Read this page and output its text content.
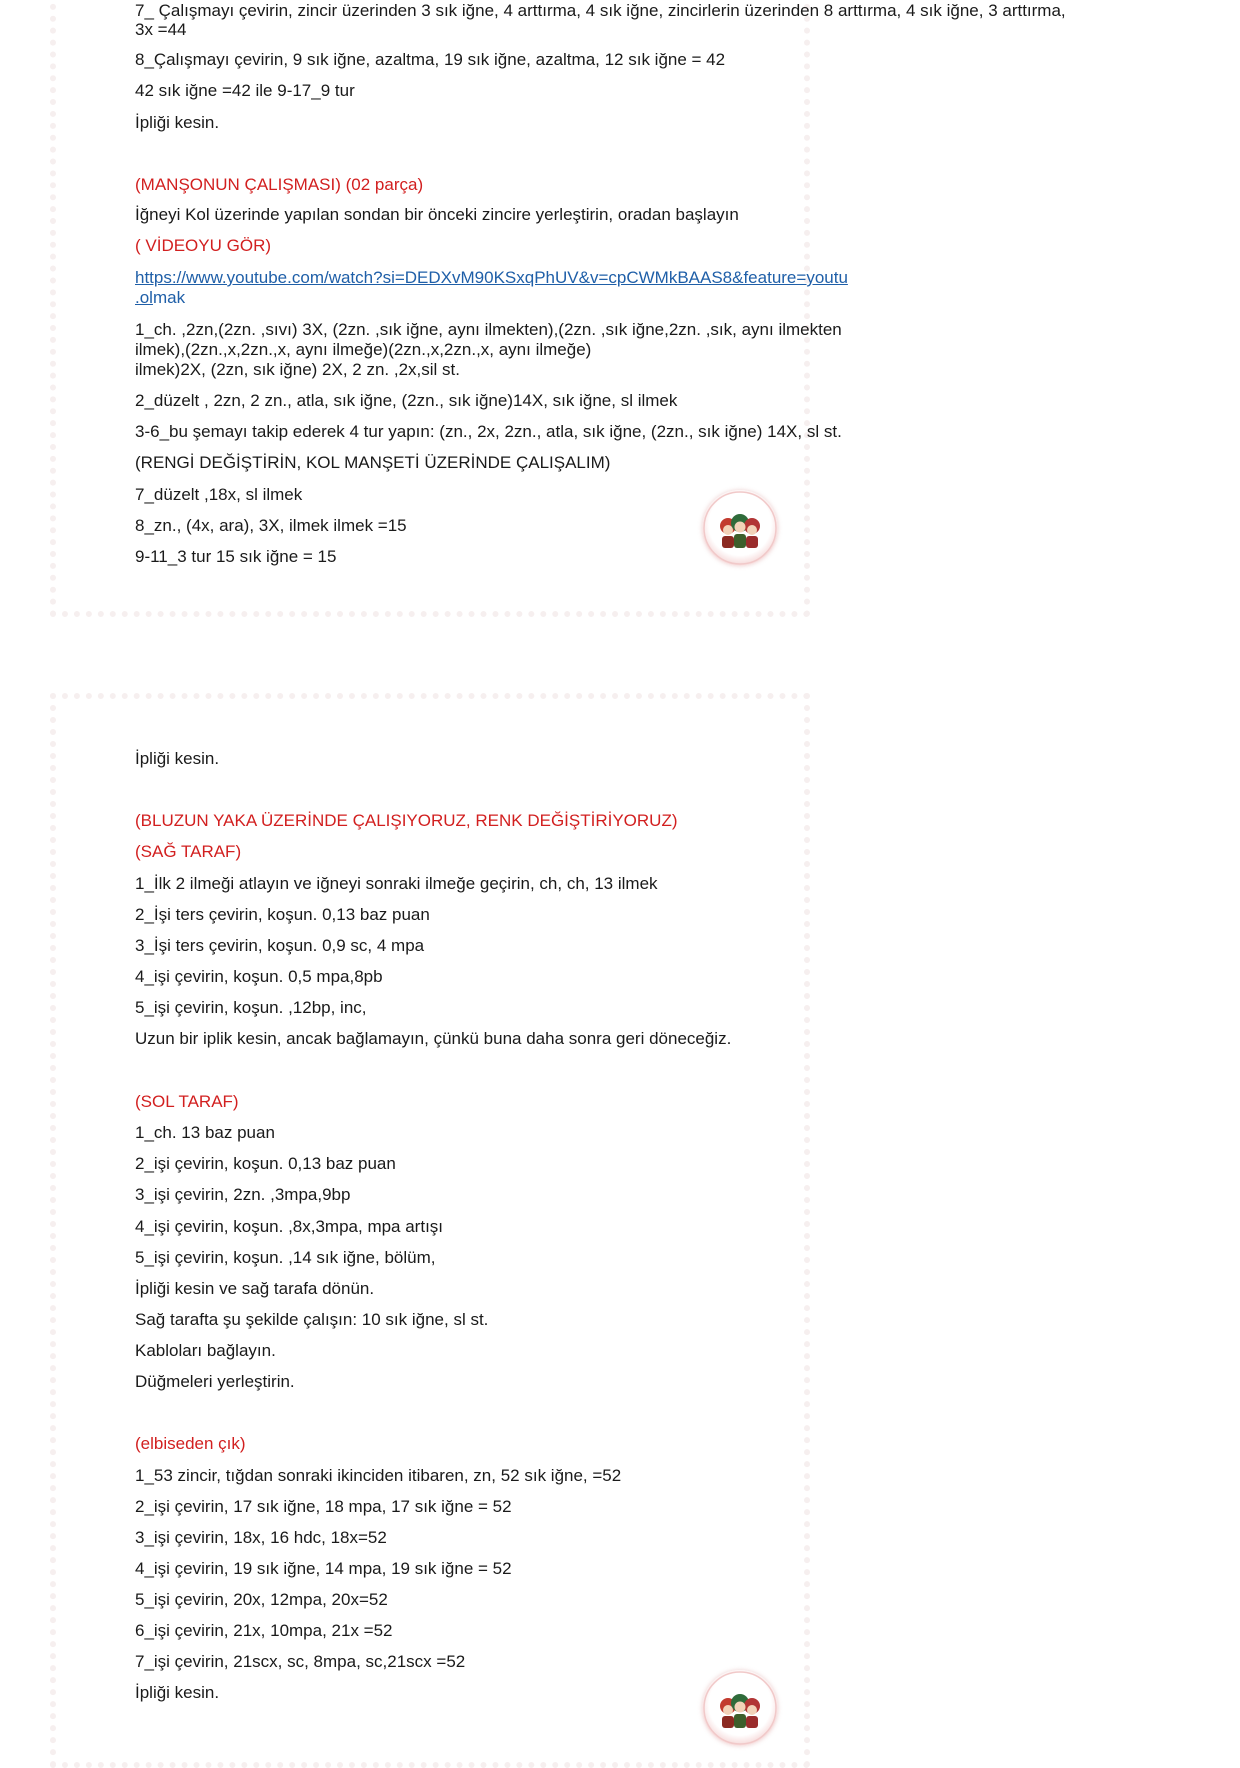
7_ Çalışmayı çevirin, zincir üzerinden 3 sık iğne, 4 arttırma, 4 sık iğne, zincirlerin üzerinden 8 arttırma, 4 sık iğne, 3 arttırma,
3x =44
8_Çalışmayı çevirin, 9 sık iğne, azaltma, 19 sık iğne, azaltma, 12 sık iğne = 42
42 sık iğne =42 ile 9-17_9 tur
İpliği kesin.
(MANŞONUN ÇALIŞMASI) (02 parça)
İğneyi Kol üzerinde yapılan sondan bir önceki zincire yerleştirin, oradan başlayın
( VİDEOYU GÖR)
https://www.youtube.com/watch?si=DEDXvM90KSxqPhUV&v=cpCWMkBAAS8&feature=youtu
.olmak
1_ch. ,2zn,(2zn. ,sıvı) 3X, (2zn. ,sık iğne, aynı ilmekten),(2zn. ,sık iğne,2zn. ,sık, aynı ilmekten
ilmek),(2zn.,x,2zn.,x, aynı ilmeğe)(2zn.,x,2zn.,x, aynı ilmeğe)
ilmek)2X, (2zn, sık iğne) 2X, 2 zn. ,2x,sil st.
2_düzelt , 2zn, 2 zn., atla, sık iğne, (2zn., sık iğne)14X, sık iğne, sl ilmek
3-6_bu şemayı takip ederek 4 tur yapın: (zn., 2x, 2zn., atla, sık iğne, (2zn., sık iğne) 14X, sl st.
(RENGİ DEĞİŞTİRİN, KOL MANŞETİ ÜZERİNDE ÇALIŞALIM)
7_düzelt ,18x, sl ilmek
8_zn., (4x, ara), 3X, ilmek ilmek =15
9-11_3 tur 15 sık iğne = 15
İpliği kesin.
(BLUZUN YAKA ÜZERİNDE ÇALIŞIYORUZ, RENK DEĞİŞTİRİYORUZ)
(SAĞ TARAF)
1_İlk 2 ilmeği atlayın ve iğneyi sonraki ilmeğe geçirin, ch, ch, 13 ilmek
2_İşi ters çevirin, koşun. 0,13 baz puan
3_İşi ters çevirin, koşun. 0,9 sc, 4 mpa
4_işi çevirin, koşun. 0,5 mpa,8pb
5_işi çevirin, koşun. ,12bp, inc,
Uzun bir iplik kesin, ancak bağlamayın, çünkü buna daha sonra geri döneceğiz.
(SOL TARAF)
1_ch. 13 baz puan
2_işi çevirin, koşun. 0,13 baz puan
3_işi çevirin, 2zn. ,3mpa,9bp
4_işi çevirin, koşun. ,8x,3mpa, mpa artışı
5_işi çevirin, koşun. ,14 sık iğne, bölüm,
İpliği kesin ve sağ tarafa dönün.
Sağ tarafta şu şekilde çalışın: 10 sık iğne, sl st.
Kabloları bağlayın.
Düğmeleri yerleştirin.
(elbiseden çık)
1_53 zincir, tığdan sonraki ikinciden itibaren, zn, 52 sık iğne, =52
2_işi çevirin, 17 sık iğne, 18 mpa, 17 sık iğne = 52
3_işi çevirin, 18x, 16 hdc, 18x=52
4_işi çevirin, 19 sık iğne, 14 mpa, 19 sık iğne = 52
5_işi çevirin, 20x, 12mpa, 20x=52
6_işi çevirin, 21x, 10mpa, 21x =52
7_işi çevirin, 21scx, sc, 8mpa, sc,21scx =52
İpliği kesin.
